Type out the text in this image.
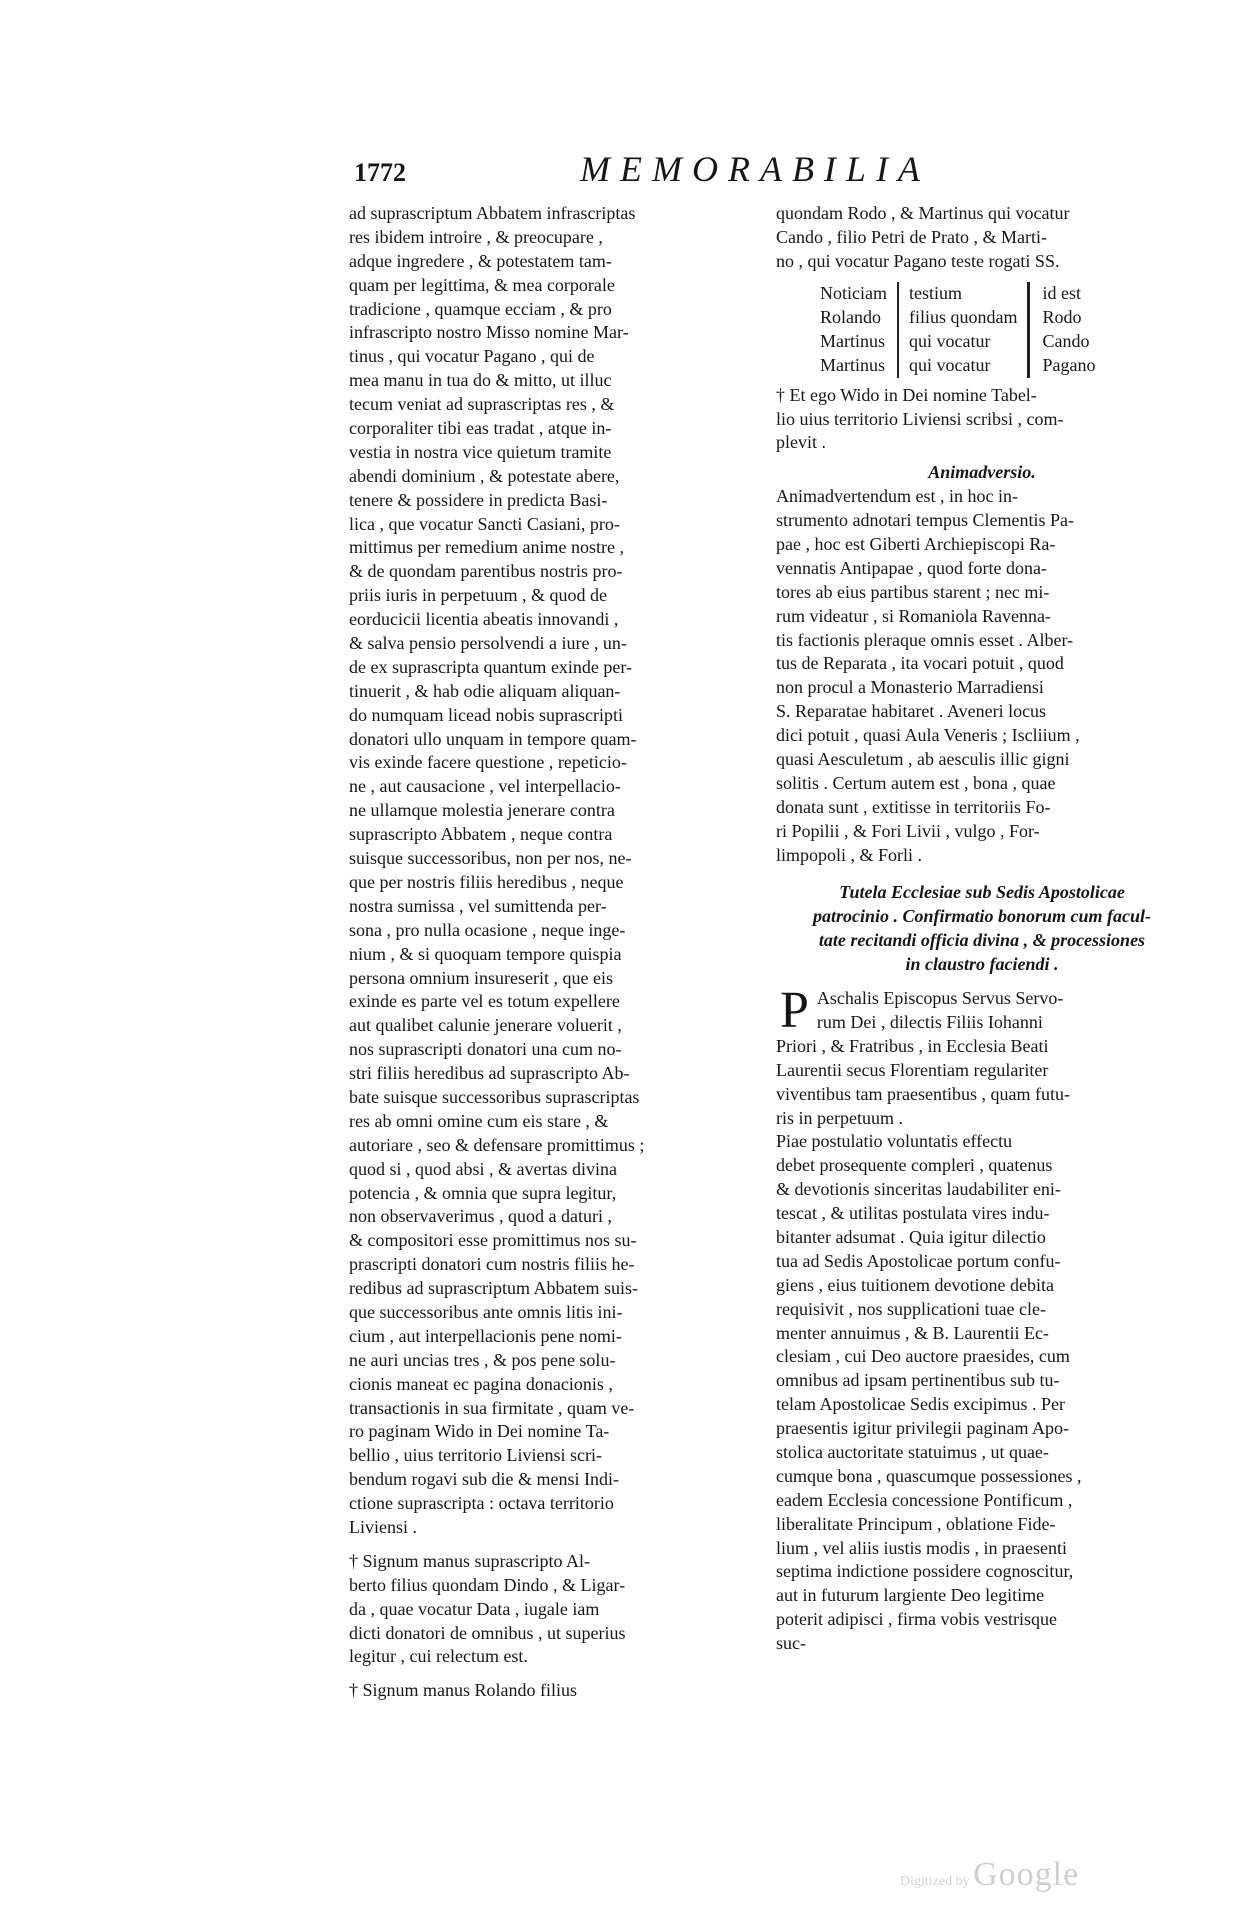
1772	MEMORABILIA
ad suprascriptum Abbatem infrascriptas
res ibidem introire , & preocupare ,
adque ingredere , & potestatem tam-
quam per legittima, & mea corporale
tradicione , quamque ecciam , & pro
infrascripto nostro Misso nomine Mar-
tinus , qui vocatur Pagano , qui de
mea manu in tua do & mitto, ut illuc
tecum veniat ad suprascriptas res , &
corporaliter tibi eas tradat , atque in-
vestia in nostra vice quietum tramite
abendi dominium , & potestate abere,
tenere & possidere in predicta Basi-
lica , que vocatur Sancti Casiani, pro-
mittimus per remedium anime nostre ,
& de quondam parentibus nostris pro-
priis iuris in perpetuum , & quod de
eorducicii licentia abeatis innovandi ,
& salva pensio persolvendi a iure , un-
de ex suprascripta quantum exinde per-
tinuerit , & hab odie aliquam aliquan-
do numquam licead nobis suprascripti
donatori ullo unquam in tempore quam-
vis exinde facere questione , repeticio-
ne , aut causacione , vel interpellacio-
ne ullamque molestia jenerare contra
suprascripto Abbatem , neque contra
suisque successoribus, non per nos, ne-
que per nostris filiis heredibus , neque
nostra sumissa , vel sumittenda per-
sona , pro nulla ocasione , neque inge-
nium , & si quoquam tempore quispia
persona omnium insureserit , que eis
exinde es parte vel es totum expellere
aut qualibet calunie jenerare voluerit ,
nos suprascripti donatori una cum no-
stri filiis heredibus ad suprascripto Ab-
bate suisque successoribus suprascriptas
res ab omni omine cum eis stare , &
autoriare , seo & defensare promittimus ;
quod si , quod absi , & avertas divina
potencia , & omnia que supra legitur,
non observaverimus , quod a daturi ,
& compositori esse promittimus nos su-
prascripti donatori cum nostris filiis he-
redibus ad suprascriptum Abbatem suis-
que successoribus ante omnis litis ini-
cium , aut interpellacionis pene nomi-
ne auri uncias tres , & pos pene solu-
cionis maneat ec pagina donacionis ,
transactionis in sua firmitate , quam ve-
ro paginam Wido in Dei nomine Ta-
bellio , uius territorio Liviensi scri-
bendum rogavi sub die & mensi Indi-
ctione suprascripta : octava territorio
Liviensi .
† Signum manus suprascripto Al-
berto filius quondam Dindo , & Ligar-
da , quae vocatur Data , iugale iam
dicti donatori de omnibus , ut superius
legitur , cui relectum est.
† Signum manus Rolando filius
quondam Rodo , & Martinus qui vocatur
Cando , filio Petri de Prato , & Marti-
no , qui vocatur Pagano teste rogati SS.
Noticiam	testium	id est
Rolando	filius quondam	Rodo
Martinus	qui vocatur	Cando
Martinus	qui vocatur	Pagano
† Et ego Wido in Dei nomine Tabel-
lio uius territorio Liviensi scribsi , com-
plevit .
Animadversio.
Animadvertendum est , in hoc in-
strumento adnotari tempus Clementis Pa-
pae , hoc est Giberti Archiepiscopi Ra-
vennatis Antipapae , quod forte dona-
tores ab eius partibus starent ; nec mi-
rum videatur , si Romaniola Ravenna-
tis factionis pleraque omnis esset . Alber-
tus de Reparata , ita vocari potuit , quod
non procul a Monasterio Marradiensi
S. Reparatae habitaret . Aveneri locus
dici potuit , quasi Aula Veneris ; Iscliium ,
quasi Aesculetum , ab aesculis illic gigni
solitis . Certum autem est , bona , quae
donata sunt , extitisse in territoriis Fo-
ri Popilii , & Fori Livii , vulgo , For-
limpopoli , & Forli .
Tutela Ecclesiae sub Sedis Apostolicae
patrocinio . Confirmatio bonorum cum facul-
tate recitandi officia divina , & processiones
in claustro faciendi .
P Aschalis Episcopus Servus Servo-
rum Dei , dilectis Filiis Iohanni
Priori , & Fratribus , in Ecclesia Beati
Laurentii secus Florentiam regulariter
viventibus tam praesentibus , quam futu-
ris in perpetuum .
Piae postulatio voluntatis effectu
debet prosequente compleri , quatenus
& devotionis sinceritas laudabiliter eni-
tescat , & utilitas postulata vires indu-
bitanter adsumat . Quia igitur dilectio
tua ad Sedis Apostolicae portum confu-
giens , eius tuitionem devotione debita
requisivit , nos supplicationi tuae cle-
menter annuimus , & B. Laurentii Ec-
clesiam , cui Deo auctore praesides, cum
omnibus ad ipsam pertinentibus sub tu-
telam Apostolicae Sedis excipimus . Per
praesentis igitur privilegii paginam Apo-
stolica auctoritate statuimus , ut quae-
cumque bona , quascumque possessiones ,
eadem Ecclesia concessione Pontificum ,
liberalitate Principum , oblatione Fide-
lium , vel aliis iustis modis , in praesenti
septima indictione possidere cognoscitur,
aut in futurum largiente Deo legitime
poterit adipisci , firma vobis vestrisque
suc-
Digitized by Google
